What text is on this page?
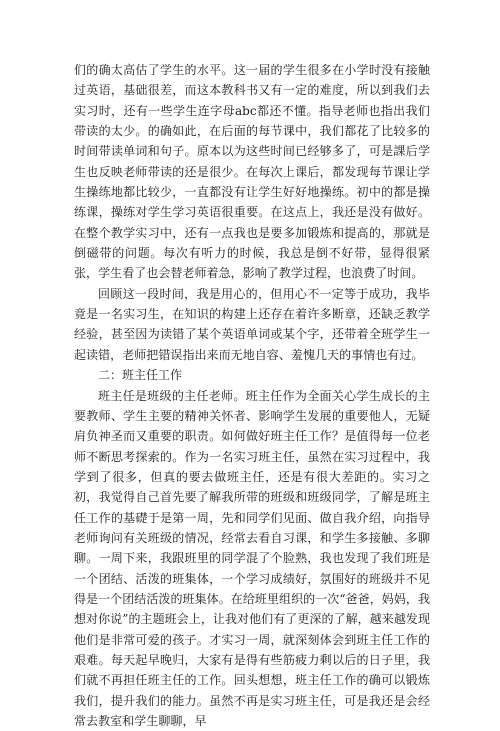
们的确太高估了学生的水平。这一届的学生很多在小学时没有接触过英语，基础很差，而这本教科书又有一定的难度，所以到我们去实习时，还有一些学生连字母abc都还不懂。指导老师也指出我们带读的太少。的确如此，在后面的每节课中，我们都花了比较多的时间带读单词和句子。原本以为这些时间已经够多了，可是課后学生也反映老师带读的还是很少。在每次上课后，都发现每节课让学生操练地都比较少，一直都没有让学生好好地操练。初中的都是操练课，操练对学生学习英语很重要。在这点上，我还是没有做好。在整个教学实习中，还有一点我也是要多加锻炼和提高的，那就是倒磁带的问题。每次有听力的时候，我总是倒不好带，显得很紧张，学生看了也会替老师着急，影响了教学过程，也浪费了时间。

回顾这一段时间，我是用心的，但用心不一定等于成功，我毕竟是一名实习生，在知识的构建上还存在着许多断章，还缺乏教学经验，甚至因为读错了某个英语单词或某个字，还带着全班学生一起读错，老师把错误指出来而无地自容、羞愧几天的事情也有过。

二：班主任工作

班主任是班级的主任老师。班主任作为全面关心学生成长的主要教师、学生主要的精神关怀者、影响学生发展的重要他人，无疑肩负神圣而又重要的职责。如何做好班主任工作？是值得每一位老师不断思考探索的。作为一名实习班主任，虽然在实习过程中，我学到了很多，但真的要去做班主任，还是有很大差距的。实习之初，我觉得自己首先要了解我所带的班级和班级同学，了解是班主任工作的基礎于是第一周，先和同学们见面、做自我介绍，向指导老师询问有关班级的情况，经常去看自习课，和学生多接触、多聊聊。一周下来，我跟班里的同学混了个脸熟，我也发现了我们班是一个团结、活泼的班集体，一个学习成绩好，氛围好的班级并不见得是一个团结活泼的班集体。在给班里组织的一次“爸爸，妈妈，我想对你说”的主题班会上，让我对他们有了更深的了解，越来越发现他们是非常可爱的孩子。才实习一周，就深刻体会到班主任工作的艰难。每天起早晚归，大家有是得有些筋疲力剩以后的日子里，我们就不再担任班主任的工作。回头想想，班主任工作的确可以锻炼我们，提升我们的能力。虽然不再是实习班主任，可是我还是会经常去教室和学生聊聊，早
